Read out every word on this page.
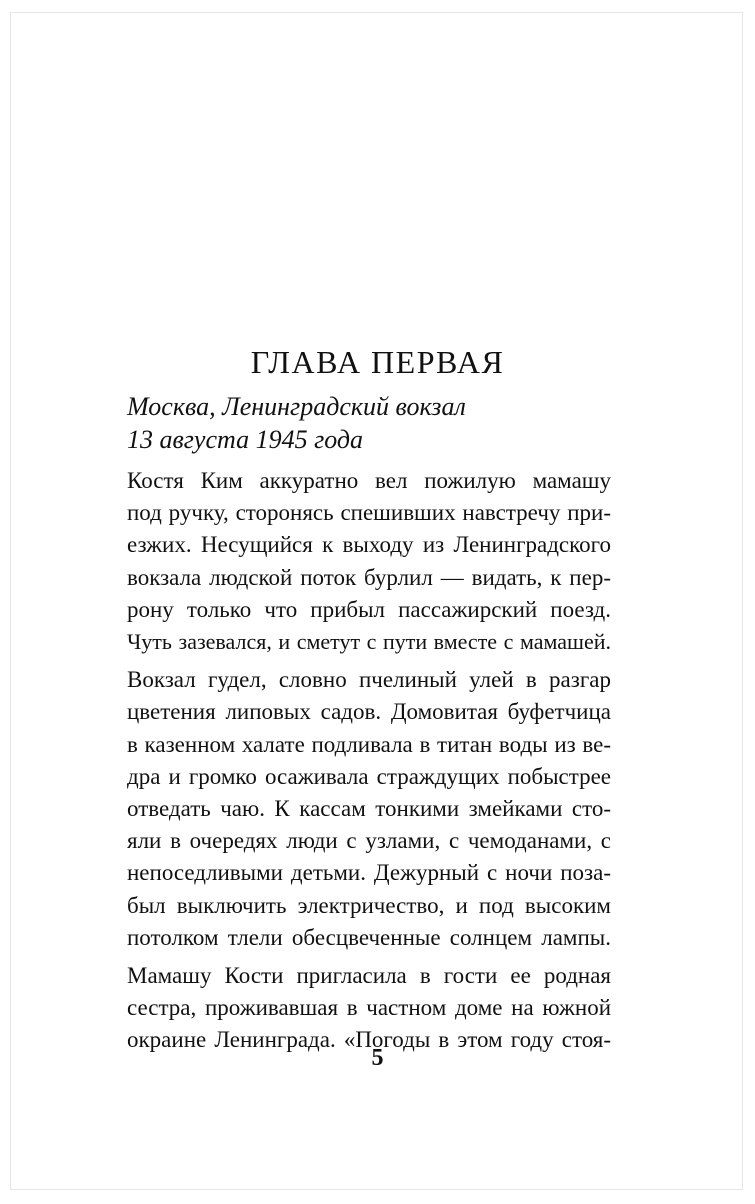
ГЛАВА ПЕРВАЯ
Москва, Ленинградский вокзал
13 августа 1945 года
Костя Ким аккуратно вел пожилую мамашу
под ручку, сторонясь спешивших навстречу при-
езжих. Несущийся к выходу из Ленинградского
вокзала людской поток бурлил — видать, к пер-
рону только что прибыл пассажирский поезд.
Чуть зазевался, и сметут с пути вместе с мамашей.
Вокзал гудел, словно пчелиный улей в разгар
цветения липовых садов. Домовитая буфетчица
в казенном халате подливала в титан воды из ве-
дра и громко осаживала страждущих побыстрее
отведать чаю. К кассам тонкими змейками сто-
яли в очередях люди с узлами, с чемоданами, с
непоседливыми детьми. Дежурный с ночи поза-
был выключить электричество, и под высоким
потолком тлели обесцвеченные солнцем лампы.
Мамашу Кости пригласила в гости ее родная
сестра, проживавшая в частном доме на южной
окраине Ленинграда. «Погоды в этом году стоя-
5
